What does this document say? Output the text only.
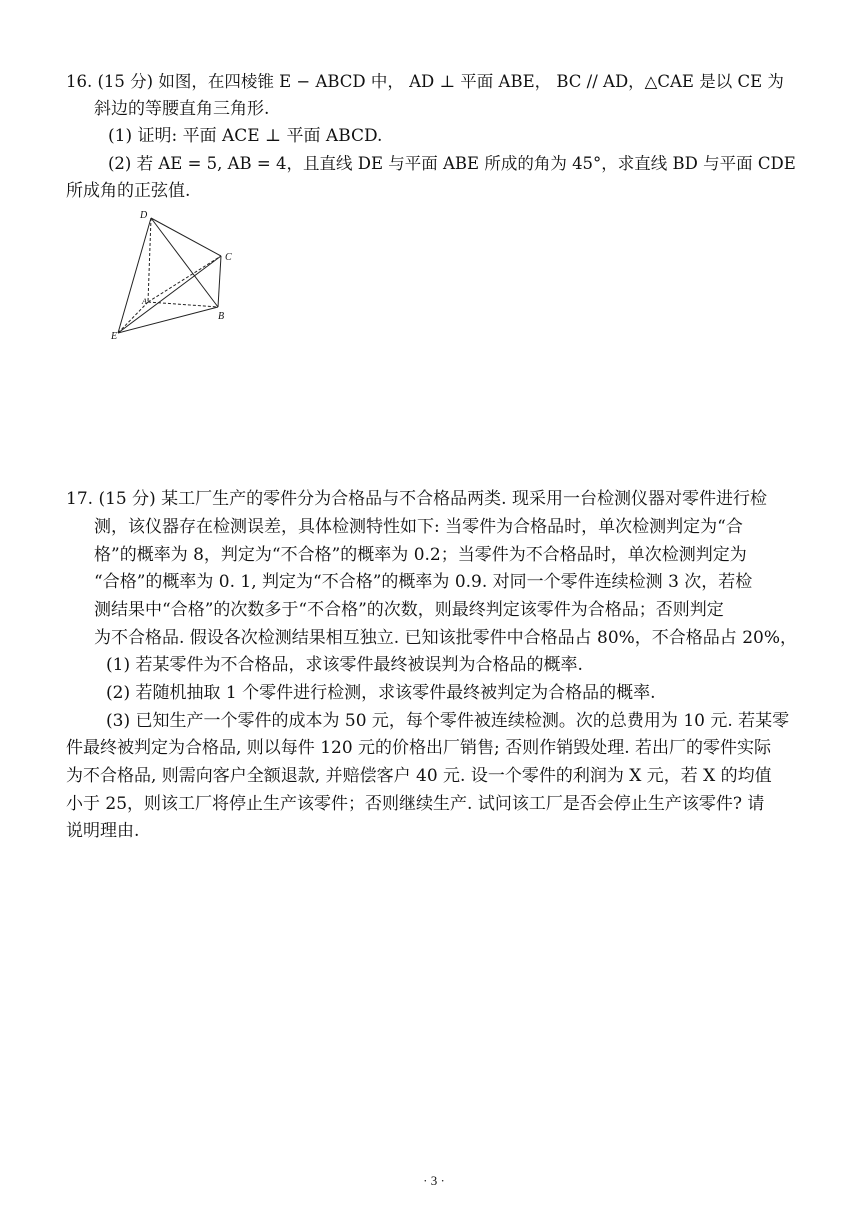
16. (15 分) 如图，在四棱锥 E − ABCD 中， AD ⊥ 平面 ABE， BC // AD，△CAE 是以 CE 为
斜边的等腰直角三角形.
(1) 证明: 平面 ACE ⊥ 平面 ABCD.
(2) 若 AE = 5, AB = 4，且直线 DE 与平面 ABE 所成的角为 45°，求直线 BD 与平面 CDE
所成角的正弦值.
D
C
A
B
E
17. (15 分) 某工厂生产的零件分为合格品与不合格品两类. 现采用一台检测仪器对零件进行检
测，该仪器存在检测误差，具体检测特性如下: 当零件为合格品时，单次检测判定为“合
格”的概率为 8，判定为“不合格”的概率为 0.2；当零件为不合格品时，单次检测判定为
“合格”的概率为 0. 1, 判定为“不合格”的概率为 0.9. 对同一个零件连续检测 3 次，若检
测结果中“合格”的次数多于“不合格”的次数，则最终判定该零件为合格品；否则判定
为不合格品. 假设各次检测结果相互独立. 已知该批零件中合格品占 80%，不合格品占 20%，
(1) 若某零件为不合格品，求该零件最终被误判为合格品的概率.
(2) 若随机抽取 1 个零件进行检测，求该零件最终被判定为合格品的概率.
(3) 已知生产一个零件的成本为 50 元，每个零件被连续检测。次的总费用为 10 元. 若某零
件最终被判定为合格品, 则以每件 120 元的价格出厂销售; 否则作销毁处理. 若出厂的零件实际
为不合格品, 则需向客户全额退款, 并赔偿客户 40 元. 设一个零件的利润为 X 元，若 X 的均值
小于 25，则该工厂将停止生产该零件；否则继续生产. 试问该工厂是否会停止生产该零件? 请
说明理由.
· 3 ·
